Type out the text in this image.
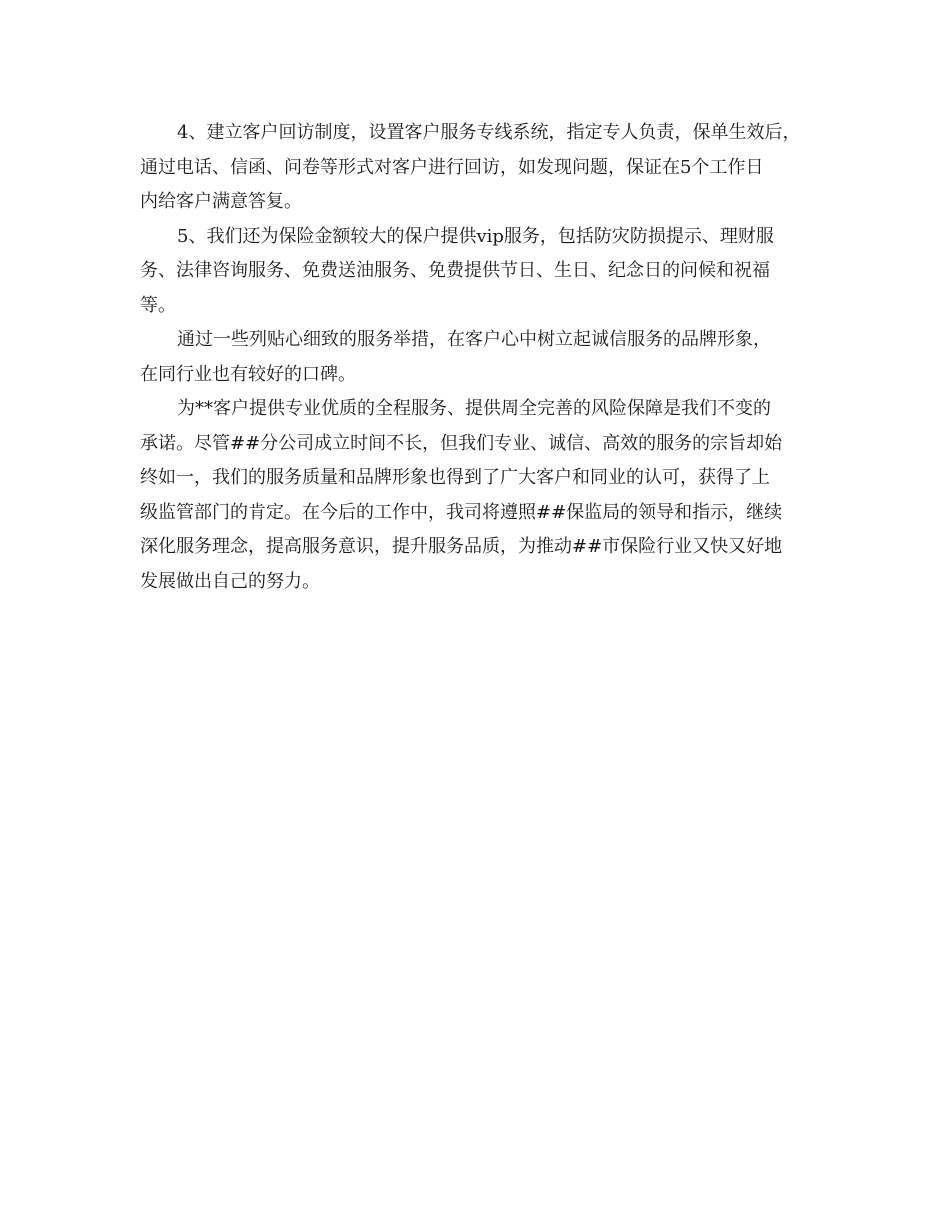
4、建立客户回访制度，设置客户服务专线系统，指定专人负责，保单生效后，
通过电话、信函、问卷等形式对客户进行回访，如发现问题，保证在5个工作日
内给客户满意答复。
5、我们还为保险金额较大的保户提供vip服务，包括防灾防损提示、理财服
务、法律咨询服务、免费送油服务、免费提供节日、生日、纪念日的问候和祝福
等。
通过一些列贴心细致的服务举措，在客户心中树立起诚信服务的品牌形象，
在同行业也有较好的口碑。
为**客户提供专业优质的全程服务、提供周全完善的风险保障是我们不变的
承诺。尽管##分公司成立时间不长，但我们专业、诚信、高效的服务的宗旨却始
终如一，我们的服务质量和品牌形象也得到了广大客户和同业的认可，获得了上
级监管部门的肯定。在今后的工作中，我司将遵照##保监局的领导和指示，继续
深化服务理念，提高服务意识，提升服务品质，为推动##市保险行业又快又好地
发展做出自己的努力。
